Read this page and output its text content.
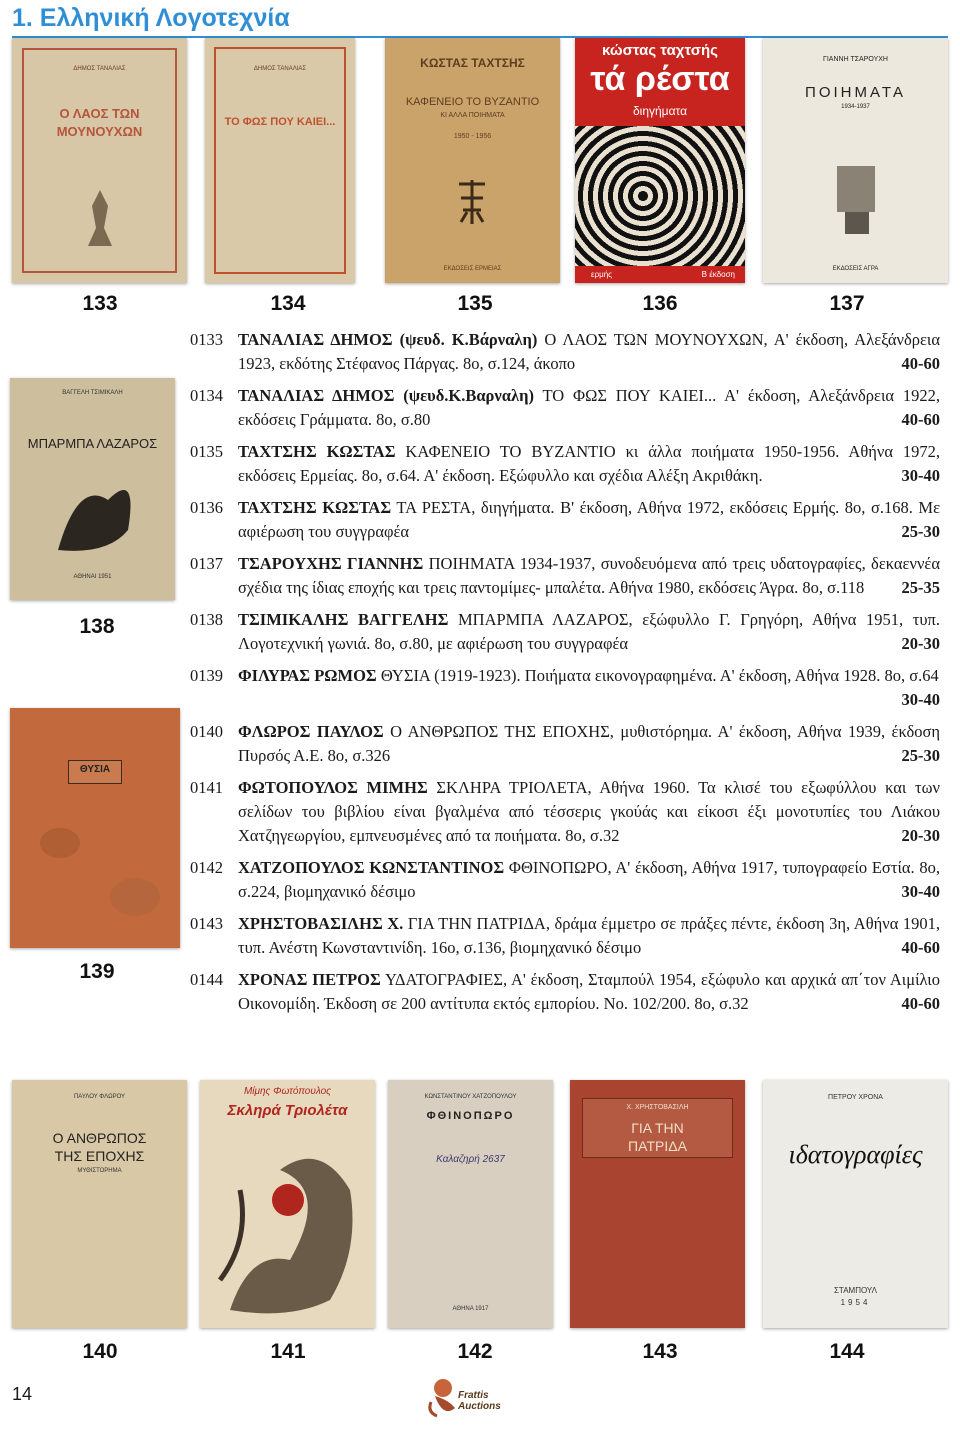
1. Ελληνική Λογοτεχνία
ΔΗΜΟΣ ΤΑΝΑΛΙΑΣ
Ο ΛΑΟΣ ΤΩΝ
ΜΟΥΝΟΥΧΩΝ
ΔΗΜΟΣ ΤΑΝΑΛΙΑΣ
ΤΟ ΦΩΣ ΠΟΥ ΚΑΙΕΙ...
ΚΩΣΤΑΣ ΤΑΧΤΣΗΣ
ΚΑΦΕΝΕΙΟ ΤΟ ΒΥΖΑΝΤΙΟ
ΚΙ ΑΛΛΑ ΠΟΙΗΜΑΤΑ
1950 - 1956
ΕΚΔΟΣΕΙΣ ΕΡΜΕΙΑΣ
κώστας ταχτσής
τά ρέστα
διηγήματα
ερμής	Β έκδοση
ΓΙΑΝΝΗ ΤΣΑΡΟΥΧΗ
ΠΟΙΗΜΑΤΑ
1934-1937
ΕΚΔΟΣΕΙΣ ΑΓΡΑ
133	134	135	136	137
ΒΑΓΓΕΛΗ ΤΣΙΜΙΚΑΛΗ
ΜΠΑΡΜΠΑ ΛΑΖΑΡΟΣ
ΑΘΗΝΑΙ 1951
138
ΘΥΣΙΑ
139
0133 ΤΑΝΑΛΙΑΣ ΔΗΜΟΣ (ψευδ. Κ.Βάρναλη) Ο ΛΑΟΣ ΤΩΝ ΜΟΥΝΟΥΧΩΝ, Α' έκδοση, Αλεξάνδρεια 1923, εκδότης Στέφανος Πάργας. 8ο, σ.124, άκοπο	40-60
0134 ΤΑΝΑΛΙΑΣ ΔΗΜΟΣ (ψευδ.Κ.Βαρναλη) ΤΟ ΦΩΣ ΠΟΥ ΚΑΙΕΙ... Α' έκδοση, Αλεξάνδρεια 1922, εκδόσεις Γράμματα. 8ο, σ.80	40-60
0135 ΤΑΧΤΣΗΣ ΚΩΣΤΑΣ ΚΑΦΕΝΕΙΟ ΤΟ ΒΥΖΑΝΤΙΟ κι άλλα ποιήματα 1950-1956. Αθήνα 1972, εκδόσεις Ερμείας. 8ο, σ.64. Α' έκδοση. Εξώφυλλο και σχέδια Αλέξη Ακριθάκη.	30-40
0136 ΤΑΧΤΣΗΣ ΚΩΣΤΑΣ ΤΑ ΡΕΣΤΑ, διηγήματα. Β' έκδοση, Αθήνα 1972, εκδόσεις Ερμής. 8ο, σ.168. Με αφιέρωση του συγγραφέα	25-30
0137 ΤΣΑΡΟΥΧΗΣ ΓΙΑΝΝΗΣ ΠΟΙΗΜΑΤΑ 1934-1937, συνοδευόμενα από τρεις υδατογραφίες, δεκαεννέα σχέδια της ίδιας εποχής και τρεις παντομίμες- μπαλέτα. Αθήνα 1980, εκδόσεις Άγρα. 8ο, σ.118 25-35
0138 ΤΣΙΜΙΚΑΛΗΣ ΒΑΓΓΕΛΗΣ ΜΠΑΡΜΠΑ ΛΑΖΑΡΟΣ, εξώφυλλο Γ. Γρηγόρη, Αθήνα 1951, τυπ. Λογοτεχνική γωνιά. 8ο, σ.80, με αφιέρωση του συγγραφέα	20-30
0139 ΦΙΛΥΡΑΣ ΡΩΜΟΣ ΘΥΣΙΑ (1919-1923). Ποιήματα εικονογραφημένα. Α' έκδοση, Αθήνα 1928. 8ο, σ.64
30-40
0140 ΦΛΩΡΟΣ ΠΑΥΛΟΣ Ο ΑΝΘΡΩΠΟΣ ΤΗΣ ΕΠΟΧΗΣ, μυθιστόρημα. Α' έκδοση, Αθήνα 1939, έκδοση Πυρσός Α.Ε. 8ο, σ.326	25-30
0141 ΦΩΤΟΠΟΥΛΟΣ ΜΙΜΗΣ ΣΚΛΗΡΑ ΤΡΙΟΛΕΤΑ, Αθήνα 1960. Τα κλισέ του εξωφύλλου και των σελίδων του βιβλίου είναι βγαλμένα από τέσσερις γκούάς και είκοσι έξι μονοτυπίες του Λιάκου Χατζηγεωργίου, εμπνευσμένες από τα ποιήματα. 8ο, σ.32	20-30
0142 ΧΑΤΖΟΠΟΥΛΟΣ ΚΩΝΣΤΑΝΤΙΝΟΣ ΦΘΙΝΟΠΩΡΟ, Α' έκδοση, Αθήνα 1917, τυπογραφείο Εστία. 8ο, σ.224, βιομηχανικό δέσιμο	30-40
0143 ΧΡΗΣΤΟΒΑΣΙΛΗΣ Χ. ΓΙΑ ΤΗΝ ΠΑΤΡΙΔΑ, δράμα έμμετρο σε πράξες πέντε, έκδοση 3η, Αθήνα 1901, τυπ. Ανέστη Κωνσταντινίδη. 16ο, σ.136, βιομηχανικό δέσιμο	40-60
0144 ΧΡΟΝΑΣ ΠΕΤΡΟΣ ΥΔΑΤΟΓΡΑΦΙΕΣ, Α' έκδοση, Σταμπούλ 1954, εξώφυλο και αρχικά απ΄τον Αιμίλιο Οικονομίδη. Έκδοση σε 200 αντίτυπα εκτός εμπορίου. Νο. 102/200. 8ο, σ.32	40-60
ΠΑΥΛΟΥ ΦΛΩΡΟΥ
Ο ΑΝΘΡΩΠΟΣ
ΤΗΣ ΕΠΟΧΗΣ
ΜΥΘΙΣΤΟΡΗΜΑ
Μίμης Φωτόπουλος
Σκληρά Τριολέτα
ΚΩΝΣΤΑΝΤΙΝΟΥ ΧΑΤΖΟΠΟΥΛΟΥ
ΦΘΙΝΟΠΩΡΟ
Καλαζηρή 2637
ΑΘΗΝΑ 1917
Χ. ΧΡΗΣΤΟΒΑΣΙΛΗ
ΓΙΑ ΤΗΝ
ΠΑΤΡΙΔΑ
ΠΕΤΡΟΥ ΧΡΟΝΑ
ιδατογραφίες
ΣΤΑΜΠΟΥΛ
1954
140	141	142	143	144
14	Frattis
Auctions
